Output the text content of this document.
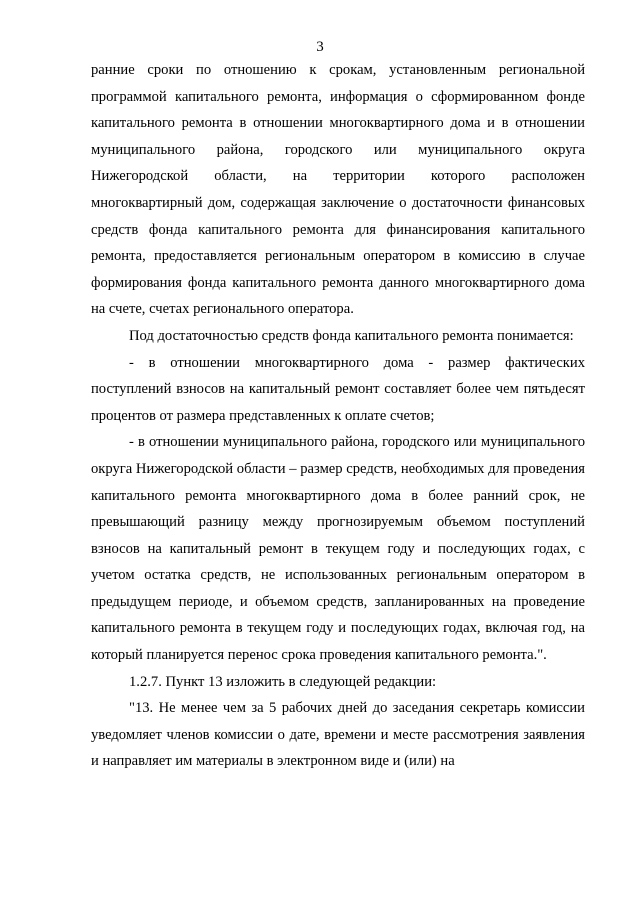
3

ранние сроки по отношению к срокам, установленным региональной программой капитального ремонта, информация о сформированном фонде капитального ремонта в отношении многоквартирного дома и в отношении муниципального района, городского или муниципального округа Нижегородской области, на территории которого расположен многоквартирный дом, содержащая заключение о достаточности финансовых средств фонда капитального ремонта для финансирования капитального ремонта, предоставляется региональным оператором в комиссию в случае формирования фонда капитального ремонта данного многоквартирного дома на счете, счетах регионального оператора.

Под достаточностью средств фонда капитального ремонта понимается:

- в отношении многоквартирного дома - размер фактических поступлений взносов на капитальный ремонт составляет более чем пятьдесят процентов от размера представленных к оплате счетов;

- в отношении муниципального района, городского или муниципального округа Нижегородской области – размер средств, необходимых для проведения капитального ремонта многоквартирного дома в более ранний срок, не превышающий разницу между прогнозируемым объемом поступлений взносов на капитальный ремонт в текущем году и последующих годах, с учетом остатка средств, не использованных региональным оператором в предыдущем периоде, и объемом средств, запланированных на проведение капитального ремонта в текущем году и последующих годах, включая год, на который планируется перенос срока проведения капитального ремонта.".

1.2.7. Пункт 13 изложить в следующей редакции:

"13. Не менее чем за 5 рабочих дней до заседания секретарь комиссии уведомляет членов комиссии о дате, времени и месте рассмотрения заявления и направляет им материалы в электронном виде и (или) на
